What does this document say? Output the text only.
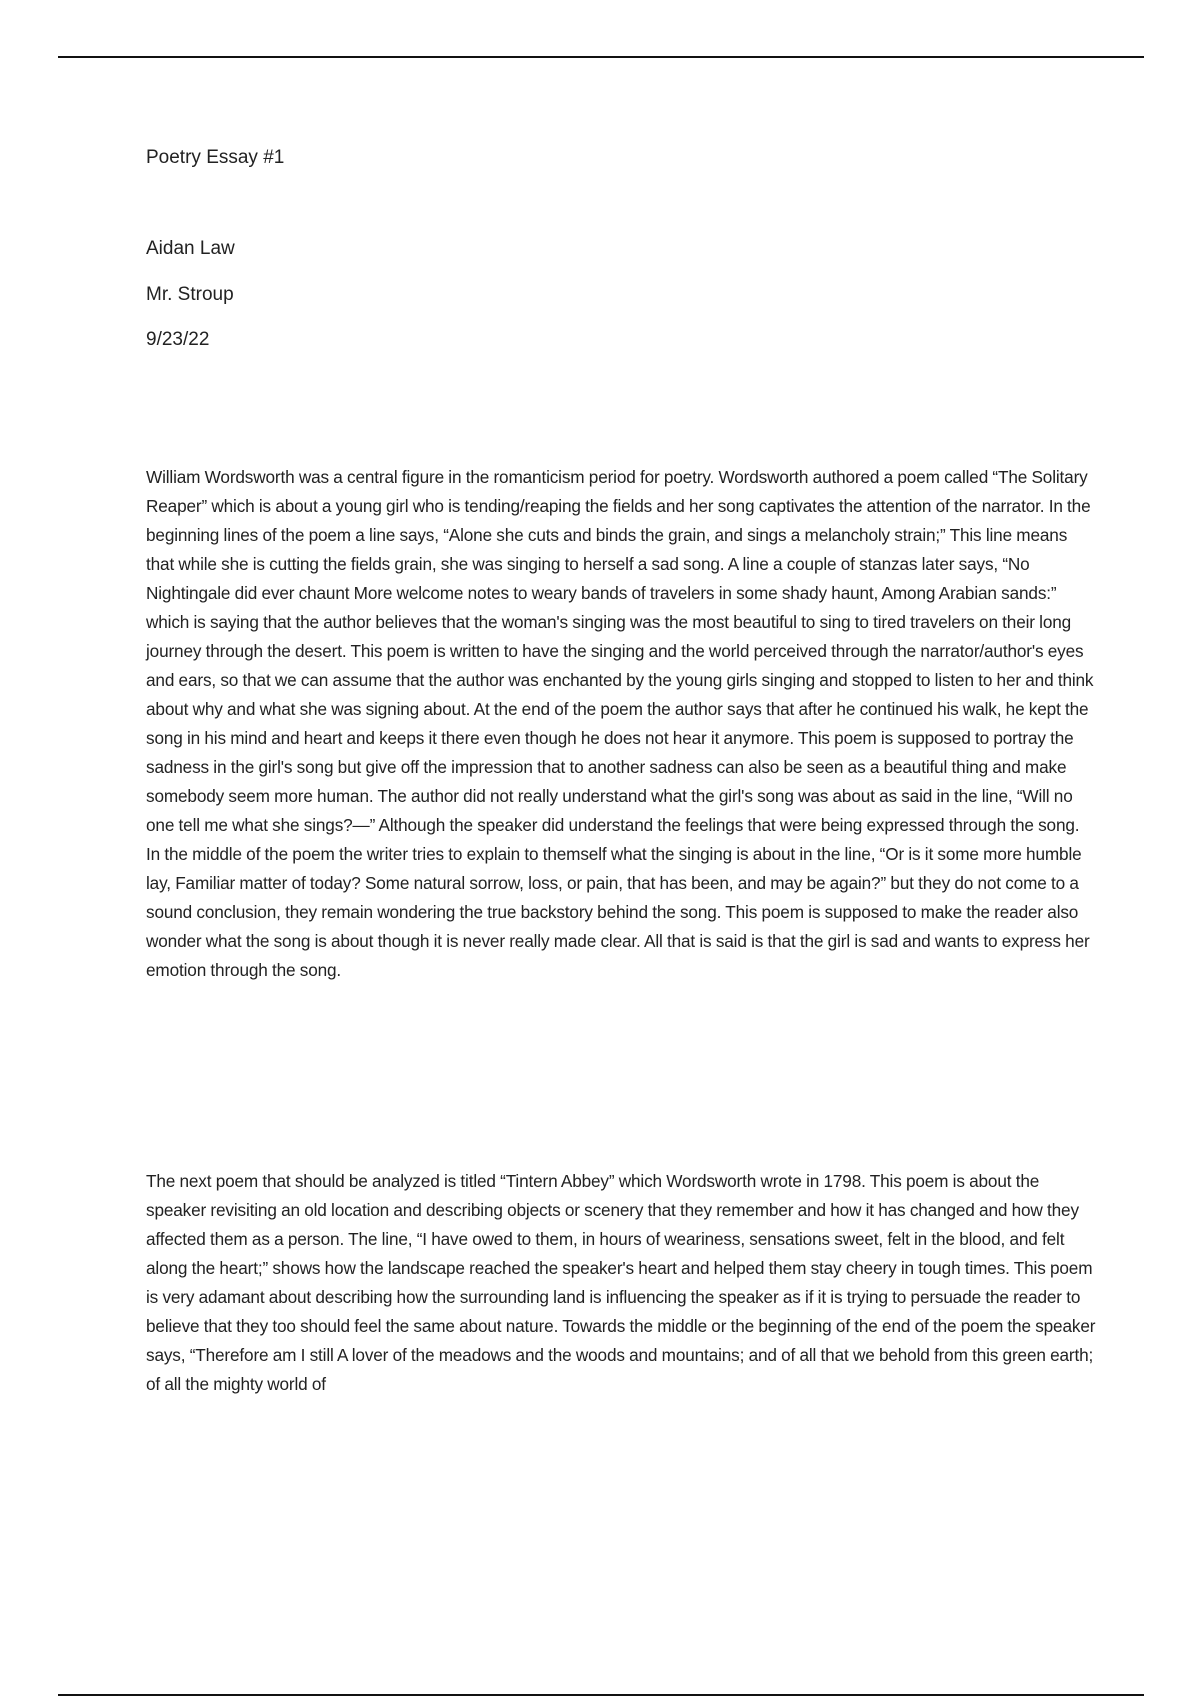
Poetry Essay #1
Aidan Law
Mr. Stroup
9/23/22

William Wordsworth was a central figure in the romanticism period for poetry. Wordsworth authored a poem called “The Solitary Reaper” which is about a young girl who is tending/reaping the fields and her song captivates the attention of the narrator. In the beginning lines of the poem a line says, “Alone she cuts and binds the grain, and sings a melancholy strain;” This line means that while she is cutting the fields grain, she was singing to herself a sad song. A line a couple of stanzas later says, “No Nightingale did ever chaunt More welcome notes to weary bands of travelers in some shady haunt, Among Arabian sands:” which is saying that the author believes that the woman's singing was the most beautiful to sing to tired travelers on their long journey through the desert. This poem is written to have the singing and the world perceived through the narrator/author's eyes and ears, so that we can assume that the author was enchanted by the young girls singing and stopped to listen to her and think about why and what she was signing about. At the end of the poem the author says that after he continued his walk, he kept the song in his mind and heart and keeps it there even though he does not hear it anymore. This poem is supposed to portray the sadness in the girl's song but give off the impression that to another sadness can also be seen as a beautiful thing and make somebody seem more human. The author did not really understand what the girl's song was about as said in the line, “Will no one tell me what she sings?—” Although the speaker did understand the feelings that were being expressed through the song. In the middle of the poem the writer tries to explain to themself what the singing is about in the line, “Or is it some more humble lay, Familiar matter of today? Some natural sorrow, loss, or pain, that has been, and may be again?” but they do not come to a sound conclusion, they remain wondering the true backstory behind the song. This poem is supposed to make the reader also wonder what the song is about though it is never really made clear. All that is said is that the girl is sad and wants to express her emotion through the song.

The next poem that should be analyzed is titled “Tintern Abbey” which Wordsworth wrote in 1798. This poem is about the speaker revisiting an old location and describing objects or scenery that they remember and how it has changed and how they affected them as a person. The line, “I have owed to them, in hours of weariness, sensations sweet, felt in the blood, and felt along the heart;” shows how the landscape reached the speaker's heart and helped them stay cheery in tough times. This poem is very adamant about describing how the surrounding land is influencing the speaker as if it is trying to persuade the reader to believe that they too should feel the same about nature. Towards the middle or the beginning of the end of the poem the speaker says, “Therefore am I still A lover of the meadows and the woods and mountains; and of all that we behold from this green earth; of all the mighty world of
